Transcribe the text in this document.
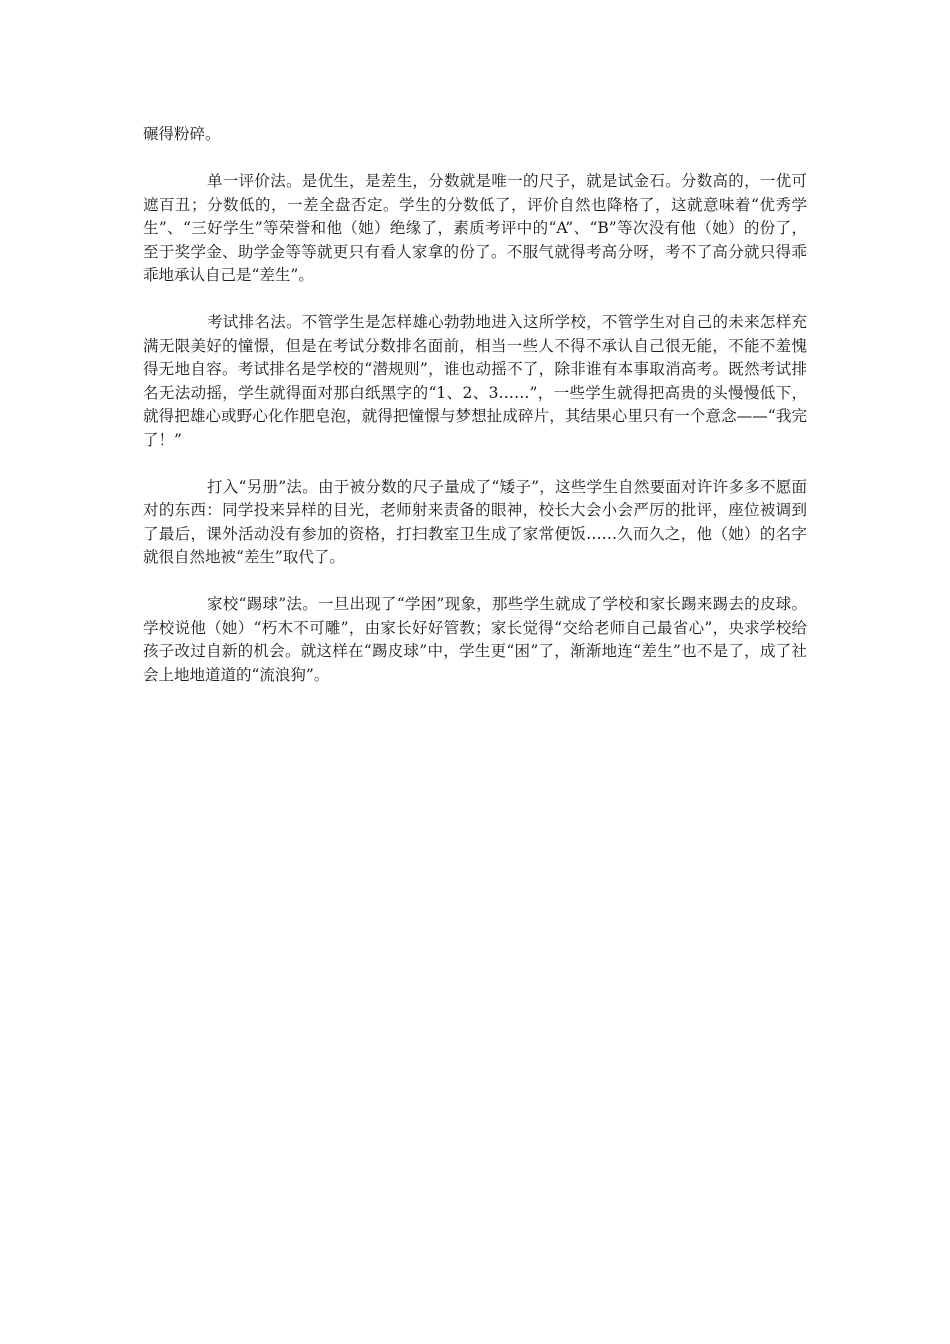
碾得粉碎。

单一评价法。是优生，是差生，分数就是唯一的尺子，就是试金石。分数高的，一优可遮百丑；分数低的，一差全盘否定。学生的分数低了，评价自然也降格了，这就意味着“优秀学生”、“三好学生”等荣誉和他（她）绝缘了，素质考评中的“A”、“B”等次没有他（她）的份了，至于奖学金、助学金等等就更只有看人家拿的份了。不服气就得考高分呀，考不了高分就只得乖乖地承认自己是“差生”。

考试排名法。不管学生是怎样雄心勃勃地进入这所学校，不管学生对自己的未来怎样充满无限美好的憧憬，但是在考试分数排名面前，相当一些人不得不承认自己很无能，不能不羞愧得无地自容。考试排名是学校的“潜规则”，谁也动摇不了，除非谁有本事取消高考。既然考试排名无法动摇，学生就得面对那白纸黑字的“1、2、3……”，一些学生就得把高贵的头慢慢低下，就得把雄心或野心化作肥皂泡，就得把憧憬与梦想扯成碎片，其结果心里只有一个意念——“我完了！”

打入“另册”法。由于被分数的尺子量成了“矮子”，这些学生自然要面对许许多多不愿面对的东西：同学投来异样的目光，老师射来责备的眼神，校长大会小会严厉的批评，座位被调到了最后，课外活动没有参加的资格，打扫教室卫生成了家常便饭……久而久之，他（她）的名字就很自然地被“差生”取代了。

家校“踢球”法。一旦出现了“学困”现象，那些学生就成了学校和家长踢来踢去的皮球。学校说他（她）“朽木不可雕”，由家长好好管教；家长觉得“交给老师自己最省心”，央求学校给孩子改过自新的机会。就这样在“踢皮球”中，学生更“困”了，渐渐地连“差生”也不是了，成了社会上地地道道的“流浪狗”。
